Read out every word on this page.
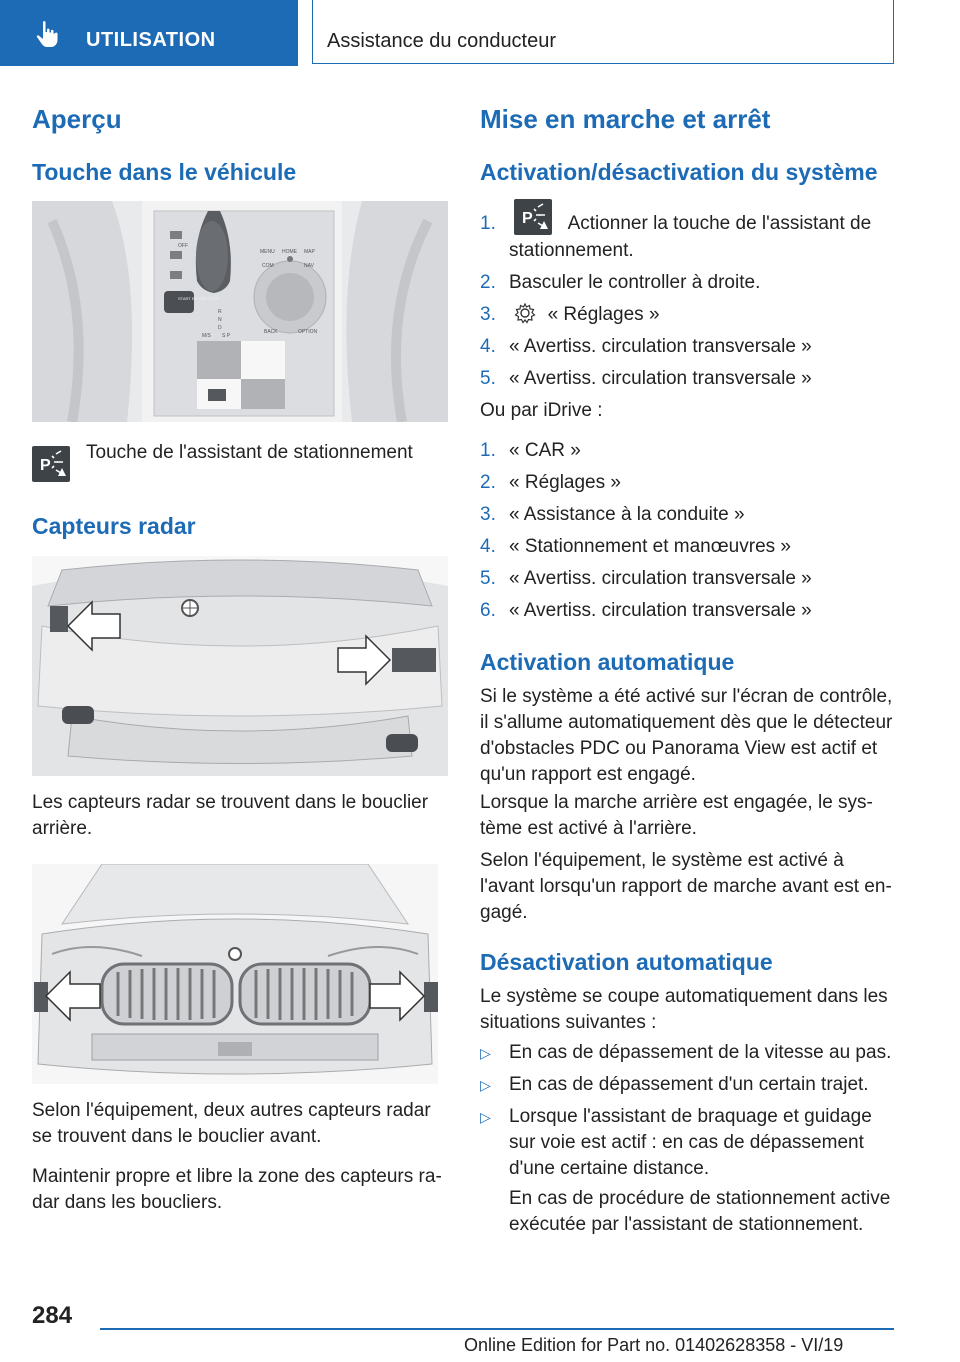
UTILISATION	Assistance du conducteur
Aperçu
Touche dans le véhicule
OFF
START ENGINE STOP
MENU HOME MAP
COM	NAV
BACK	OPTION
R
N
D
S P
M/S
P
Touche de l'assistant de stationnement
Capteurs radar
Les capteurs radar se trouvent dans le bouclier arrière.
Selon l'équipement, deux autres capteurs radar se trouvent dans le bouclier avant.
Maintenir propre et libre la zone des capteurs radar dans les boucliers.
Mise en marche et arrêt
Activation/désactivation du système
1. P Actionner la touche de l'assistant de
stationnement.
2. Basculer le controller à droite.
3.	« Réglages »
4. « Avertiss. circulation transversale »
5. « Avertiss. circulation transversale »
Ou par iDrive :
1. « CAR »
2. « Réglages »
3. « Assistance à la conduite »
4. « Stationnement et manœuvres »
5. « Avertiss. circulation transversale »
6. « Avertiss. circulation transversale »
Activation automatique
Si le système a été activé sur l'écran de contrôle, il s'allume automatiquement dès que le détecteur d'obstacles PDC ou Panorama View est actif et qu'un rapport est engagé.
Lorsque la marche arrière est engagée, le système est activé à l'arrière.
Selon l'équipement, le système est activé à l'avant lorsqu'un rapport de marche avant est engagé.
Désactivation automatique
Le système se coupe automatiquement dans les situations suivantes :
▷ En cas de dépassement de la vitesse au pas.
▷ En cas de dépassement d'un certain trajet.
▷ Lorsque l'assistant de braquage et guidage sur voie est actif : en cas de dépassement d'une certaine distance.
En cas de procédure de stationnement active exécutée par l'assistant de stationnement.
284
Online Edition for Part no. 01402628358 - VI/19
